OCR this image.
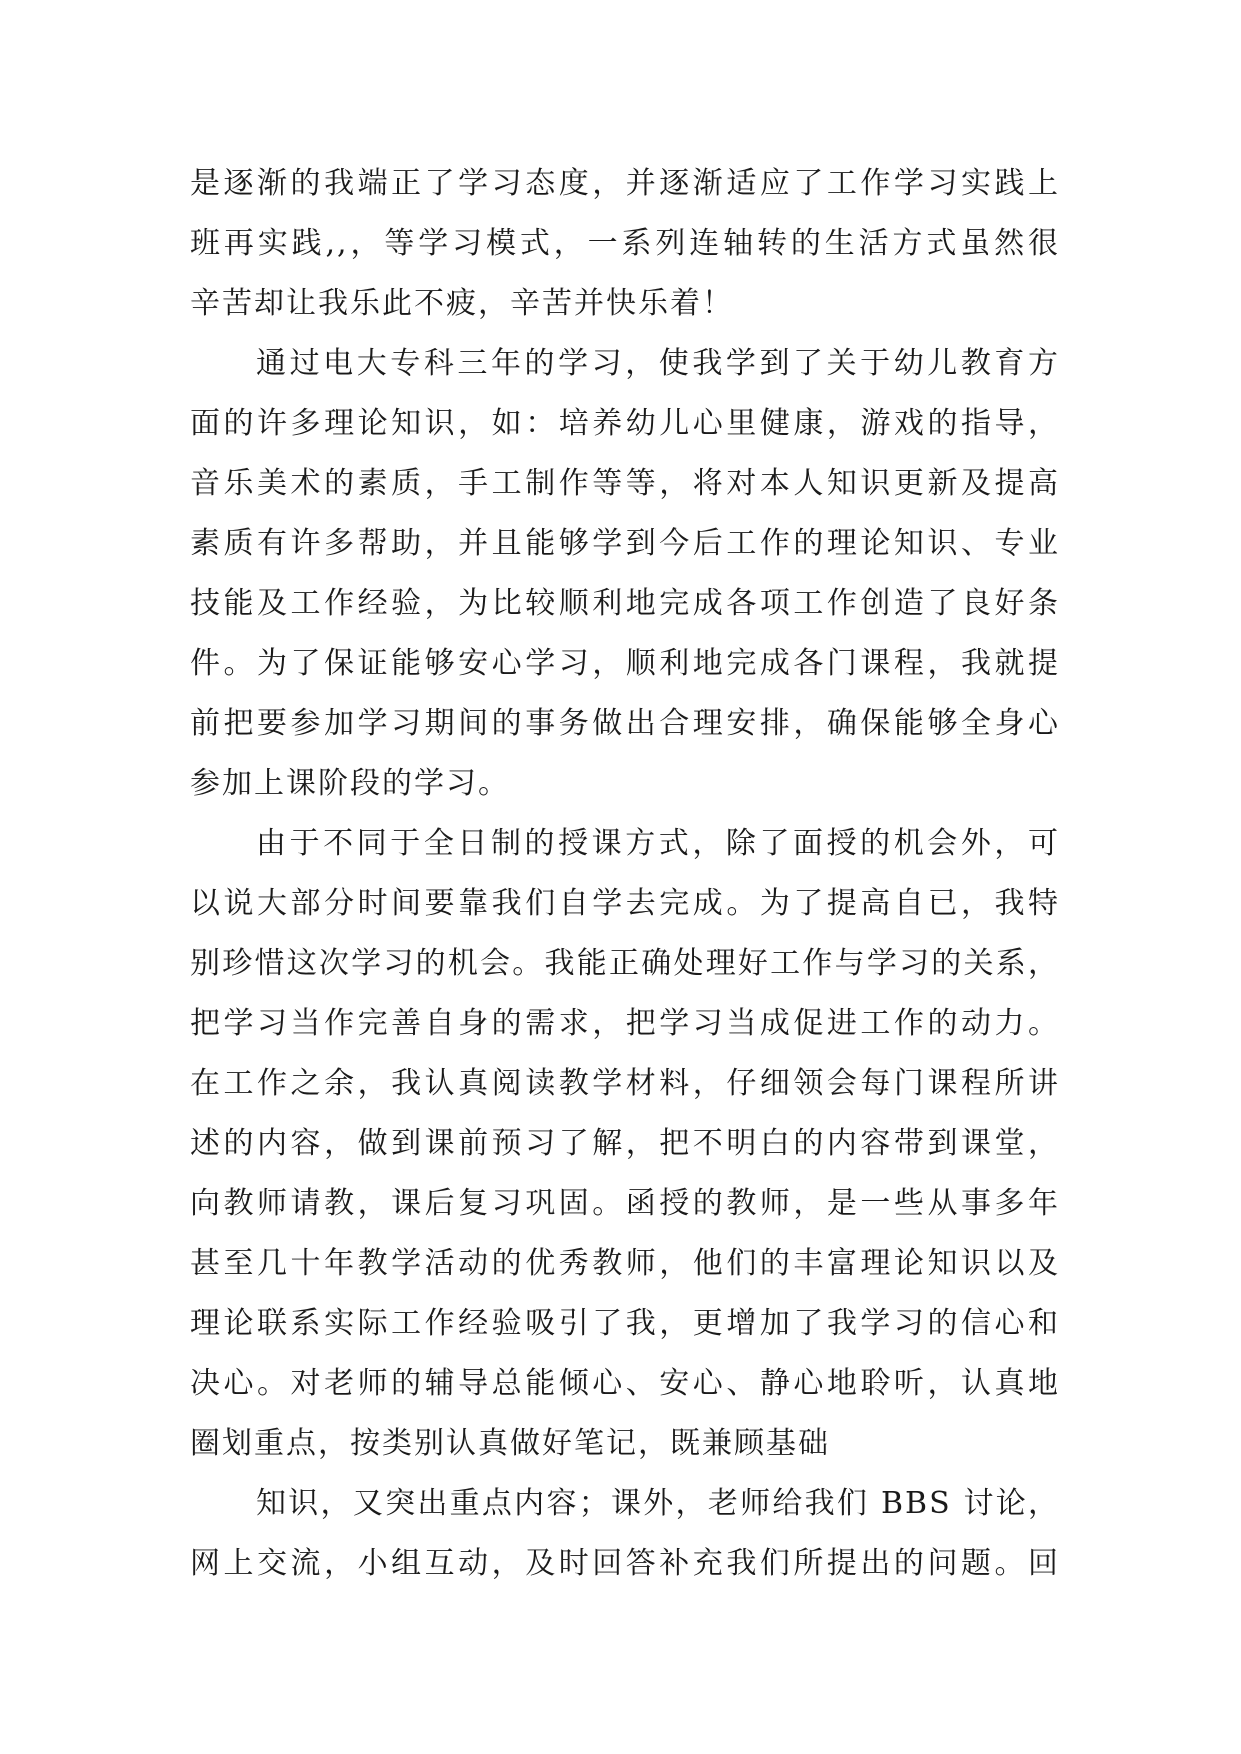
是逐渐的我端正了学习态度，并逐渐适应了工作学习实践上
班再实践,,，等学习模式，一系列连轴转的生活方式虽然很
辛苦却让我乐此不疲，辛苦并快乐着！
通过电大专科三年的学习，使我学到了关于幼儿教育方
面的许多理论知识，如：培养幼儿心里健康，游戏的指导，
音乐美术的素质，手工制作等等，将对本人知识更新及提高
素质有许多帮助，并且能够学到今后工作的理论知识、专业
技能及工作经验，为比较顺利地完成各项工作创造了良好条
件。为了保证能够安心学习，顺利地完成各门课程，我就提
前把要参加学习期间的事务做出合理安排，确保能够全身心
参加上课阶段的学习。
由于不同于全日制的授课方式，除了面授的机会外，可
以说大部分时间要靠我们自学去完成。为了提高自已，我特
别珍惜这次学习的机会。我能正确处理好工作与学习的关系，
把学习当作完善自身的需求，把学习当成促进工作的动力。
在工作之余，我认真阅读教学材料，仔细领会每门课程所讲
述的内容，做到课前预习了解，把不明白的内容带到课堂，
向教师请教，课后复习巩固。函授的教师，是一些从事多年
甚至几十年教学活动的优秀教师，他们的丰富理论知识以及
理论联系实际工作经验吸引了我，更增加了我学习的信心和
决心。对老师的辅导总能倾心、安心、静心地聆听，认真地
圈划重点，按类别认真做好笔记，既兼顾基础
知识，又突出重点内容；课外，老师给我们 BBS 讨论，
网上交流，小组互动，及时回答补充我们所提出的问题。回
